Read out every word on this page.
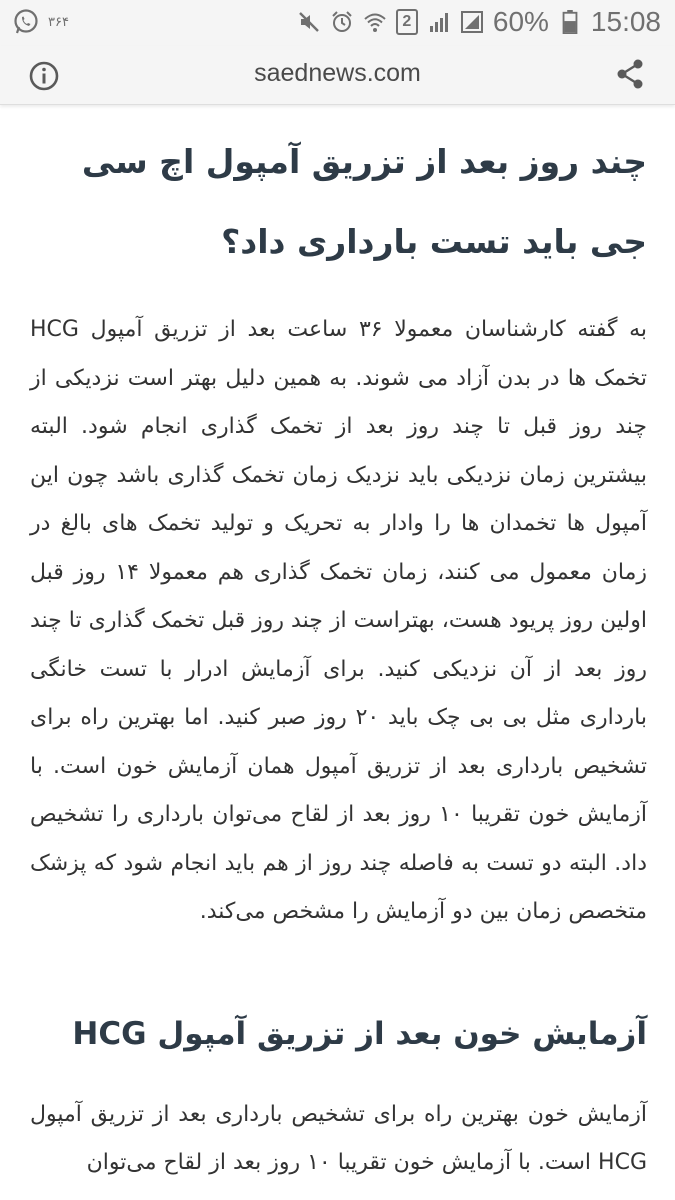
۳۶۴	2	60% 15:08
saednews.com
چند روز بعد از تزریق آمپول اچ سی جی باید تست بارداری داد؟

به گفته کارشناسان معمولا ۳۶ ساعت بعد از تزریق آمپول HCG تخمک ها در بدن آزاد می شوند. به همین دلیل بهتر است نزدیکی از چند روز قبل تا چند روز بعد از تخمک گذاری انجام شود. البته بیشترین زمان نزدیکی باید نزدیک زمان تخمک گذاری باشد چون این آمپول ها تخمدان ها را وادار به تحریک و تولید تخمک های بالغ در زمان معمول می کنند، زمان تخمک گذاری هم معمولا ۱۴ روز قبل اولین روز پریود هست، بهتراست از چند روز قبل تخمک گذاری تا چند روز بعد از آن نزدیکی کنید. برای آزمایش ادرار با تست خانگی بارداری مثل بی بی چک باید ۲۰ روز صبر کنید. اما بهترین راه برای تشخیص بارداری بعد از تزریق آمپول همان آزمایش خون است. با آزمایش خون تقریبا ۱۰ روز بعد از لقاح می‌توان بارداری را تشخیص داد. البته دو تست به فاصله چند روز از هم باید انجام شود که پزشک متخصص زمان بین دو آزمایش را مشخص می‌کند.

آزمایش خون بعد از تزریق آمپول HCG

آزمایش خون بهترین راه برای تشخیص بارداری بعد از تزریق آمپول HCG است. با آزمایش خون تقریبا ۱۰ روز بعد از لقاح می‌توان
